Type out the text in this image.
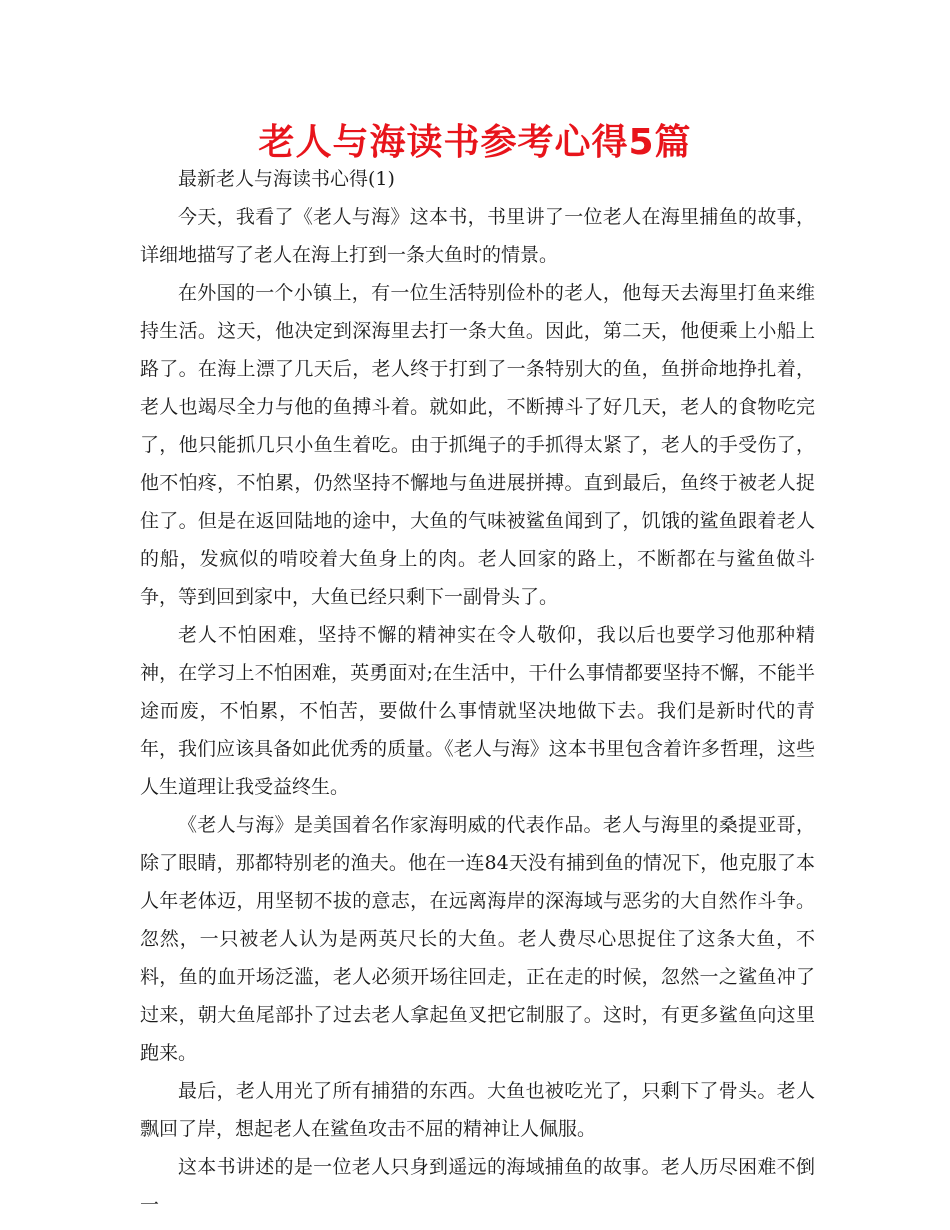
老人与海读书参考心得5篇

最新老人与海读书心得(1)

今天，我看了《老人与海》这本书，书里讲了一位老人在海里捕鱼的故事，详细地描写了老人在海上打到一条大鱼时的情景。

在外国的一个小镇上，有一位生活特别俭朴的老人，他每天去海里打鱼来维持生活。这天，他决定到深海里去打一条大鱼。因此，第二天，他便乘上小船上路了。在海上漂了几天后，老人终于打到了一条特别大的鱼，鱼拼命地挣扎着，老人也竭尽全力与他的鱼搏斗着。就如此，不断搏斗了好几天，老人的食物吃完了，他只能抓几只小鱼生着吃。由于抓绳子的手抓得太紧了，老人的手受伤了，他不怕疼，不怕累，仍然坚持不懈地与鱼进展拼搏。直到最后，鱼终于被老人捉住了。但是在返回陆地的途中，大鱼的气味被鲨鱼闻到了，饥饿的鲨鱼跟着老人的船，发疯似的啃咬着大鱼身上的肉。老人回家的路上，不断都在与鲨鱼做斗争，等到回到家中，大鱼已经只剩下一副骨头了。

老人不怕困难，坚持不懈的精神实在令人敬仰，我以后也要学习他那种精神，在学习上不怕困难，英勇面对;在生活中，干什么事情都要坚持不懈，不能半途而废，不怕累，不怕苦，要做什么事情就坚决地做下去。我们是新时代的青年，我们应该具备如此优秀的质量。《老人与海》这本书里包含着许多哲理，这些人生道理让我受益终生。

《老人与海》是美国着名作家海明威的代表作品。老人与海里的桑提亚哥，除了眼睛，那都特别老的渔夫。他在一连84天没有捕到鱼的情况下，他克服了本人年老体迈，用坚韧不拔的意志，在远离海岸的深海域与恶劣的大自然作斗争。忽然，一只被老人认为是两英尺长的大鱼。老人费尽心思捉住了这条大鱼，不料，鱼的血开场泛滥，老人必须开场往回走，正在走的时候，忽然一之鲨鱼冲了过来，朝大鱼尾部扑了过去老人拿起鱼叉把它制服了。这时，有更多鲨鱼向这里跑来。

最后，老人用光了所有捕猎的东西。大鱼也被吃光了，只剩下了骨头。老人飘回了岸，想起老人在鲨鱼攻击不屈的精神让人佩服。

这本书讲述的是一位老人只身到遥远的海域捕鱼的故事。老人历尽困难不倒一
